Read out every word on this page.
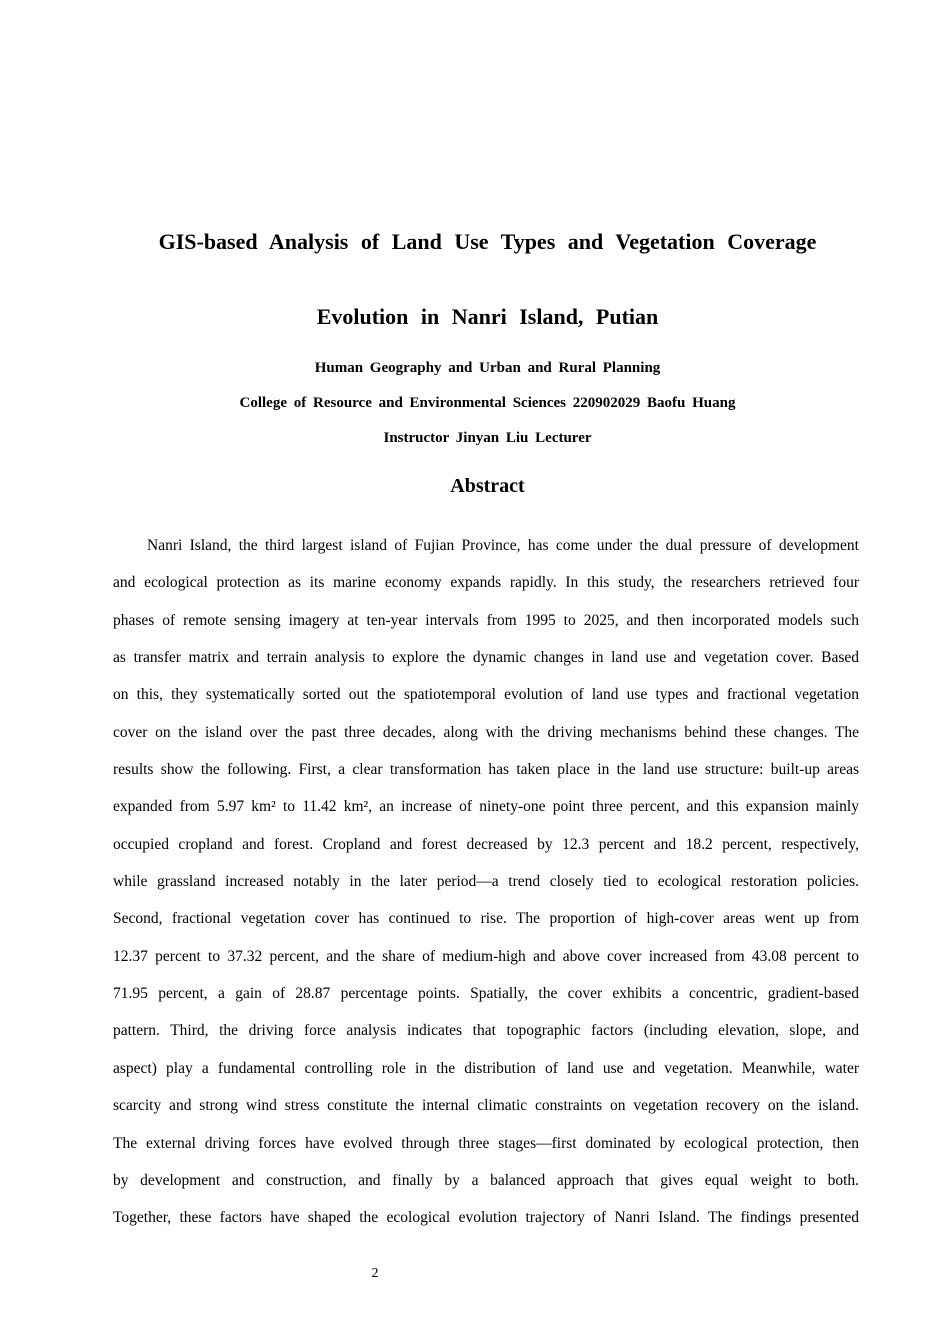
GIS-based Analysis of Land Use Types and Vegetation Coverage
Evolution in Nanri Island, Putian
Human Geography and Urban and Rural Planning
College of Resource and Environmental Sciences 220902029 Baofu Huang
Instructor Jinyan Liu Lecturer
Abstract
Nanri Island, the third largest island of Fujian Province, has come under the dual pressure of development
and ecological protection as its marine economy expands rapidly. In this study, the researchers retrieved four
phases of remote sensing imagery at ten-year intervals from 1995 to 2025, and then incorporated models such
as transfer matrix and terrain analysis to explore the dynamic changes in land use and vegetation cover. Based
on this, they systematically sorted out the spatiotemporal evolution of land use types and fractional vegetation
cover on the island over the past three decades, along with the driving mechanisms behind these changes. The
results show the following. First, a clear transformation has taken place in the land use structure: built-up areas
expanded from 5.97 km² to 11.42 km², an increase of ninety-one point three percent, and this expansion mainly
occupied cropland and forest. Cropland and forest decreased by 12.3 percent and 18.2 percent, respectively,
while grassland increased notably in the later period—a trend closely tied to ecological restoration policies.
Second, fractional vegetation cover has continued to rise. The proportion of high-cover areas went up from
12.37 percent to 37.32 percent, and the share of medium-high and above cover increased from 43.08 percent to
71.95 percent, a gain of 28.87 percentage points. Spatially, the cover exhibits a concentric, gradient-based
pattern. Third, the driving force analysis indicates that topographic factors (including elevation, slope, and
aspect) play a fundamental controlling role in the distribution of land use and vegetation. Meanwhile, water
scarcity and strong wind stress constitute the internal climatic constraints on vegetation recovery on the island.
The external driving forces have evolved through three stages—first dominated by ecological protection, then
by development and construction, and finally by a balanced approach that gives equal weight to both.
Together, these factors have shaped the ecological evolution trajectory of Nanri Island. The findings presented
2
